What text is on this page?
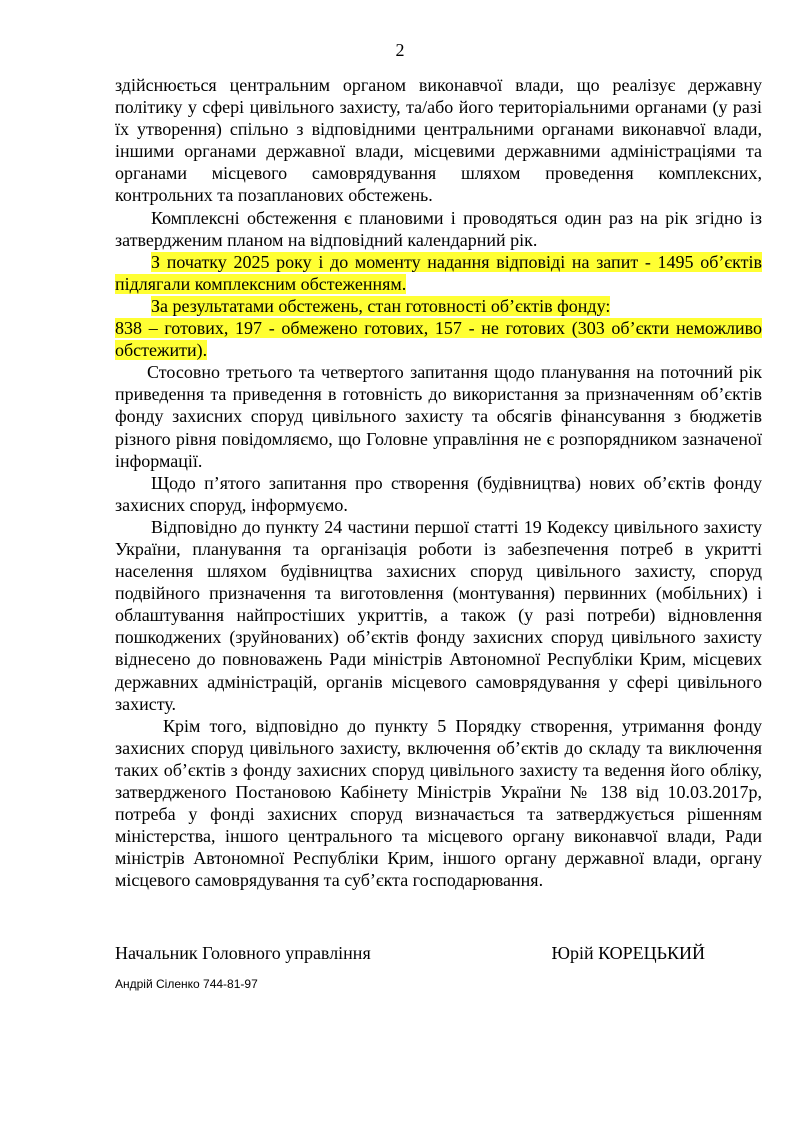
2

здійснюється центральним органом виконавчої влади, що реалізує державну політику у сфері цивільного захисту, та/або його територіальними органами (у разі їх утворення) спільно з відповідними центральними органами виконавчої влади, іншими органами державної влади, місцевими державними адміністраціями та органами місцевого самоврядування шляхом проведення комплексних, контрольних та позапланових обстежень.

Комплексні обстеження є плановими і проводяться один раз на рік згідно із затвердженим планом на відповідний календарний рік.

З початку 2025 року і до моменту надання відповіді на запит - 1495 об’єктів підлягали комплексним обстеженням.

За результатами обстежень, стан готовності об’єктів фонду:

838 – готових, 197 - обмежено готових, 157 - не готових (303 об’єкти неможливо обстежити).

Стосовно третього та четвертого запитання щодо планування на поточний рік приведення та приведення в готовність до використання за призначенням об’єктів фонду захисних споруд цивільного захисту та обсягів фінансування з бюджетів різного рівня повідомляємо, що Головне управління не є розпорядником зазначеної інформації.

Щодо п’ятого запитання про створення (будівництва) нових об’єктів фонду захисних споруд, інформуємо.

Відповідно до пункту 24 частини першої статті 19 Кодексу цивільного захисту України, планування та організація роботи із забезпечення потреб в укритті населення шляхом будівництва захисних споруд цивільного захисту, споруд подвійного призначення та виготовлення (монтування) первинних (мобільних) і облаштування найпростіших укриттів, а також (у разі потреби) відновлення пошкоджених (зруйнованих) об’єктів фонду захисних споруд цивільного захисту віднесено до повноважень Ради міністрів Автономної Республіки Крим, місцевих державних адміністрацій, органів місцевого самоврядування у сфері цивільного захисту.

Крім того, відповідно до пункту 5 Порядку створення, утримання фонду захисних споруд цивільного захисту, включення об’єктів до складу та виключення таких об’єктів з фонду захисних споруд цивільного захисту та ведення його обліку, затвердженого Постановою Кабінету Міністрів України № 138 від 10.03.2017р, потреба у фонді захисних споруд визначається та затверджується рішенням міністерства, іншого центрального та місцевого органу виконавчої влади, Ради міністрів Автономної Республіки Крим, іншого органу державної влади, органу місцевого самоврядування та суб’єкта господарювання.

Начальник Головного управління	Юрій КОРЕЦЬКИЙ
Андрій Сіленко 744-81-97
